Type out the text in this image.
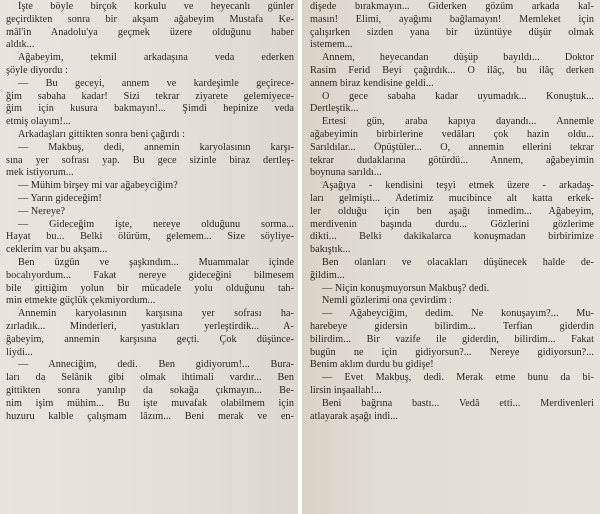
İşte böyle birçok korkulu ve heyecanlı günler
geçirdikten sonra bir akşam ağabeyim Mustafa Ke-
mâl'in Anadolu'ya geçmek üzere olduğunu haber
aldık...
Ağabeyim, tekmil arkadaşına veda ederken
şöyle diyordu :
— Bu geceyi, annem ve kardeşimle geçirece-
ğim sabaha kadar! Sizi tekrar ziyarete gelemiyece-
ğim için kusura bakmayın!... Şimdi hepinize veda
etmiş olayım!...
Arkadaşları gittikten sonra beni çağırdı :
— Makbuş, dedi, annemin karyolasının karşı-
sına yer sofrası yap. Bu gece sizinle biraz dertleş-
mek istiyorum...
— Mühim birşey mi var ağabeyciğim?
— Yarın gideceğim!
— Nereye?
— Gideceğim işte, nereye olduğunu sorma...
Hayat bu... Belki ölürüm, gelemem... Size söyliye-
ceklerim var bu akşam...
Ben üzgün ve şaşkındım... Muammalar içinde
bocalıyordum... Fakat nereye gideceğini bilmesem
bile gittiğim yolun bir mücadele yolu olduğunu tah-
min etmekte güçlük çekmiyordum...
Annemin karyolasının karşısına yer sofrası ha-
zırladık... Minderleri, yastıkları yerleştirdik... A-
ğabeyim, annemin karşısına geçti. Çok düşünce-
liydi...
— Anneciğim, dedi. Ben gidiyorum!... Bura-
ları da Selânik gibi olmak ihtimali vardır... Ben
gittikten sonra yanılıp da sokağa çıkmayın... Be-
nim işim mühim... Bu işte muvafak olabilmem için
huzuru kalble çalışmam lâzım... Beni merak ve en-
dişede bırakmayın... Giderken gözüm arkada kal-
masın! Elimi, ayağımı bağlamayın! Memleket için
çalışırken sizden yana bir üzüntüye düşür olmak
istemem...
Annem, heyecandan düşüp bayıldı... Doktor
Rasim Ferid Beyi çağırdık... O ilâç, bu ilâç derken
annem biraz kendisine geldi...
O gece sabaha kadar uyumadık... Konuştuk...
Dertleştik...
Ertesi gün, araba kapıya dayandı... Annemle
ağabeyimin birbirlerine vedâları çok hazin oldu...
Sarıldılar... Öpüştüler... O, annemin ellerini tekrar
tekrar dudaklarına götürdü... Annem, ağabeyimin
boynuna sarıldı...
Aşağıya - kendisini teşyi etmek üzere - arkadaş-
ları gelmişti... Âdetimiz mucibince alt katta erkek-
ler olduğu için ben aşağı inmedim... Ağabeyim,
merdivenin başında durdu... Gözlerini gözlerime
dikti... Belki dakikalarca konuşmadan birbirimize
bakıştık...
Ben olanları ve olacakları düşünecek halde de-
ğildim...
— Niçin konuşmuyorsun Makbuş? dedi.
Nemli gözlerimi ona çevirdim :
— Ağabeyciğim, dedim. Ne konuşayım?... Mu-
harebeye gidersin bilirdim... Terfian giderdin
bilirdim... Bir vazife ile giderdin, bilirdim... Fakat
bugün ne için gidiyorsun?... Nereye gidiyorsun?...
Benim aklım durdu bu gidişe!
— Evet Makbuş, dedi. Merak etme bunu da bi-
lirsin inşaallah!...
Beni bağrına bastı... Vedâ etti... Merdivenleri
atlayarak aşağı indi...
